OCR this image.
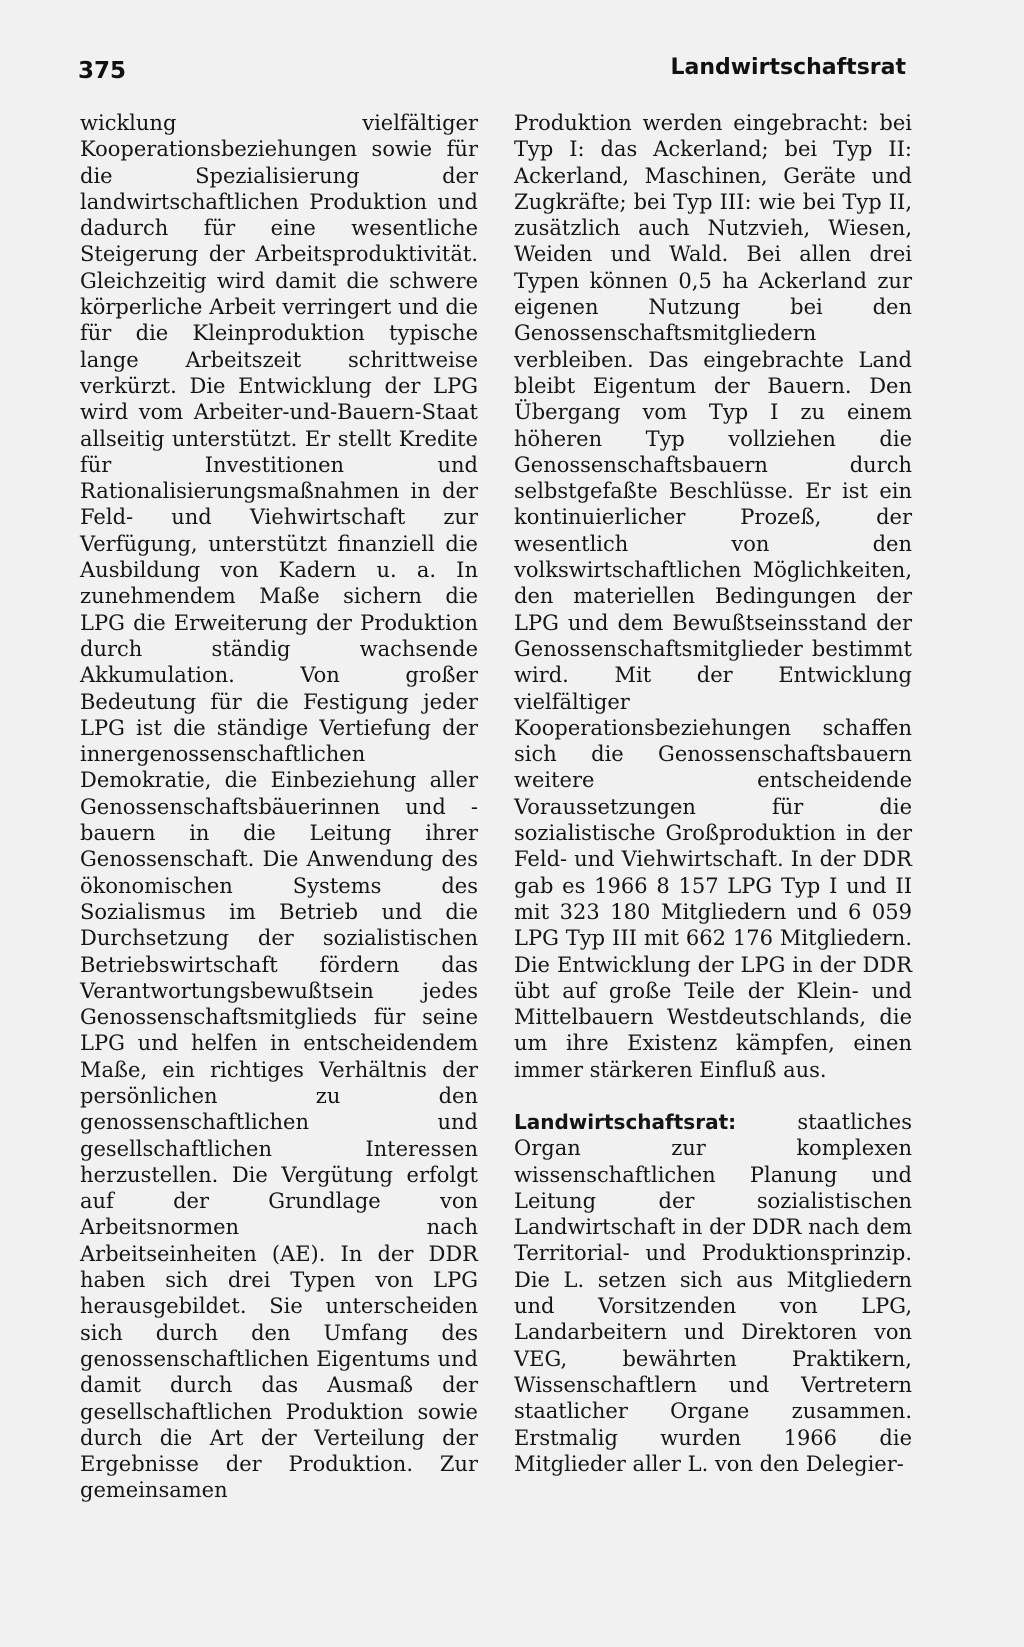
375	Landwirtschaftsrat

wicklung vielfältiger Kooperationsbeziehungen sowie für die Spezialisierung der landwirtschaftlichen Produktion und dadurch für eine wesentliche Steigerung der Arbeitsproduktivität. Gleichzeitig wird damit die schwere körperliche Arbeit verringert und die für die Kleinproduktion typische lange Arbeitszeit schrittweise verkürzt. Die Entwicklung der LPG wird vom Arbeiter-und-Bauern-Staat allseitig unterstützt. Er stellt Kredite für Investitionen und Rationalisierungsmaßnahmen in der Feld- und Viehwirtschaft zur Verfügung, unterstützt finanziell die Ausbildung von Kadern u. a. In zunehmendem Maße sichern die LPG die Erweiterung der Produktion durch ständig wachsende Akkumulation. Von großer Bedeutung für die Festigung jeder LPG ist die ständige Vertiefung der innergenossenschaftlichen Demokratie, die Einbeziehung aller Genossenschaftsbäuerinnen und -bauern in die Leitung ihrer Genossenschaft. Die Anwendung des ökonomischen Systems des Sozialismus im Betrieb und die Durchsetzung der sozialistischen Betriebswirtschaft fördern das Verantwortungsbewußtsein jedes Genossenschaftsmitglieds für seine LPG und helfen in entscheidendem Maße, ein richtiges Verhältnis der persönlichen zu den genossenschaftlichen und gesellschaftlichen Interessen herzustellen. Die Vergütung erfolgt auf der Grundlage von Arbeitsnormen nach Arbeitseinheiten (AE). In der DDR haben sich drei Typen von LPG herausgebildet. Sie unterscheiden sich durch den Umfang des genossenschaftlichen Eigentums und damit durch das Ausmaß der gesellschaftlichen Produktion sowie durch die Art der Verteilung der Ergebnisse der Produktion. Zur gemeinsamen

Produktion werden eingebracht: bei Typ I: das Ackerland; bei Typ II: Ackerland, Maschinen, Geräte und Zugkräfte; bei Typ III: wie bei Typ II, zusätzlich auch Nutzvieh, Wiesen, Weiden und Wald. Bei allen drei Typen können 0,5 ha Ackerland zur eigenen Nutzung bei den Genossenschaftsmitgliedern verbleiben. Das eingebrachte Land bleibt Eigentum der Bauern. Den Übergang vom Typ I zu einem höheren Typ vollziehen die Genossenschaftsbauern durch selbstgefaßte Beschlüsse. Er ist ein kontinuierlicher Prozeß, der wesentlich von den volkswirtschaftlichen Möglichkeiten, den materiellen Bedingungen der LPG und dem Bewußtseinsstand der Genossenschaftsmitglieder bestimmt wird. Mit der Entwicklung vielfältiger Kooperationsbeziehungen schaffen sich die Genossenschaftsbauern weitere entscheidende Voraussetzungen für die sozialistische Großproduktion in der Feld- und Viehwirtschaft. In der DDR gab es 1966 8 157 LPG Typ I und II mit 323 180 Mitgliedern und 6 059 LPG Typ III mit 662 176 Mitgliedern. Die Entwicklung der LPG in der DDR übt auf große Teile der Klein- und Mittelbauern Westdeutschlands, die um ihre Existenz kämpfen, einen immer stärkeren Einfluß aus.

Landwirtschaftsrat: staatliches Organ zur komplexen wissenschaftlichen Planung und Leitung der sozialistischen Landwirtschaft in der DDR nach dem Territorial- und Produktionsprinzip. Die L. setzen sich aus Mitgliedern und Vorsitzenden von LPG, Landarbeitern und Direktoren von VEG, bewährten Praktikern, Wissenschaftlern und Vertretern staatlicher Organe zusammen. Erstmalig wurden 1966 die Mitglieder aller L. von den Delegier-
